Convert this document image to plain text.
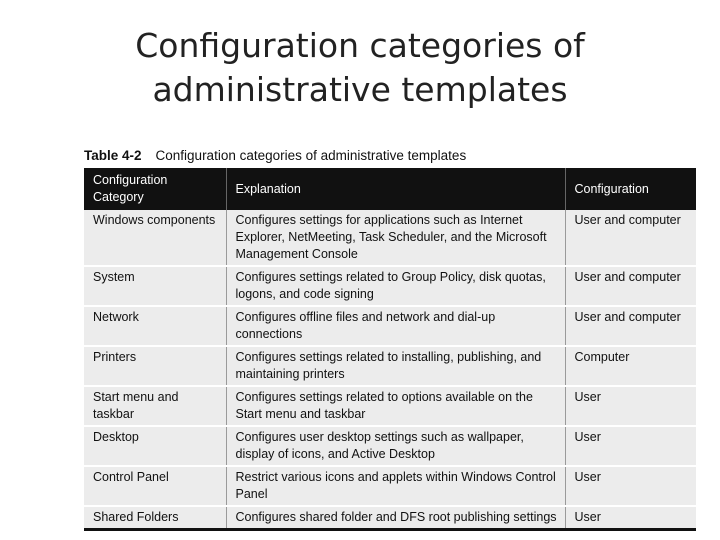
Configuration categories of
administrative templates
Table 4-2 Configuration categories of administrative templates
Configuration Category	Explanation	Configuration
Windows components	Configures settings for applications such as Internet Explorer, NetMeeting, Task Scheduler, and the Microsoft Management Console	User and computer
System	Configures settings related to Group Policy, disk quotas, logons, and code signing	User and computer
Network	Configures offline files and network and dial-up connections	User and computer
Printers	Configures settings related to installing, publishing, and maintaining printers	Computer
Start menu and taskbar	Configures settings related to options available on the Start menu and taskbar	User
Desktop	Configures user desktop settings such as wallpaper, display of icons, and Active Desktop	User
Control Panel	Restrict various icons and applets within Windows Control Panel	User
Shared Folders	Configures shared folder and DFS root publishing settings	User
